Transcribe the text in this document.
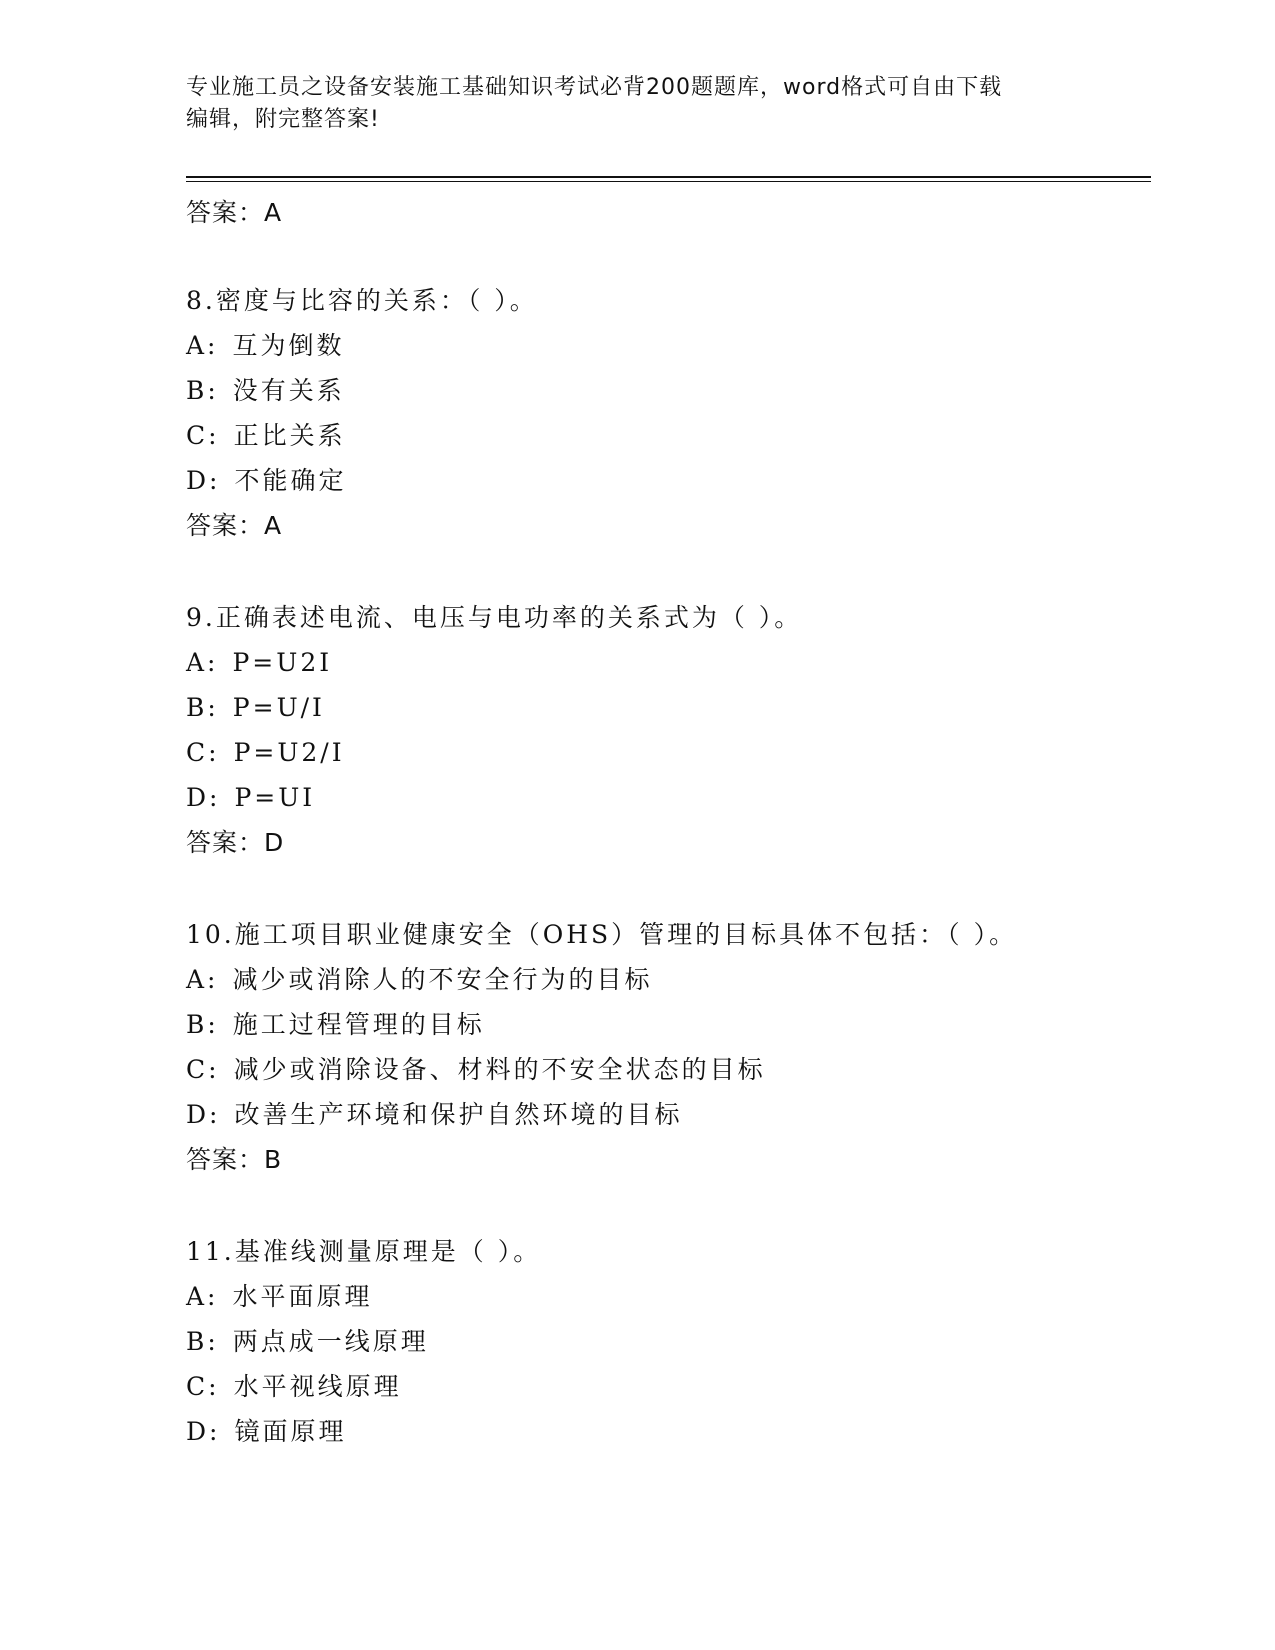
专业施工员之设备安装施工基础知识考试必背200题题库，word格式可自由下载
编辑，附完整答案!
答案：A
8.密度与比容的关系：（ ）。
A: 互为倒数
B: 没有关系
C: 正比关系
D: 不能确定
答案：A
9.正确表述电流、电压与电功率的关系式为（ ）。
A: P=U2I
B: P=U/I
C: P=U2/I
D: P=UI
答案：D
10.施工项目职业健康安全（OHS）管理的目标具体不包括：（ ）。
A: 减少或消除人的不安全行为的目标
B: 施工过程管理的目标
C: 减少或消除设备、材料的不安全状态的目标
D: 改善生产环境和保护自然环境的目标
答案：B
11.基准线测量原理是（ ）。
A: 水平面原理
B: 两点成一线原理
C: 水平视线原理
D: 镜面原理
